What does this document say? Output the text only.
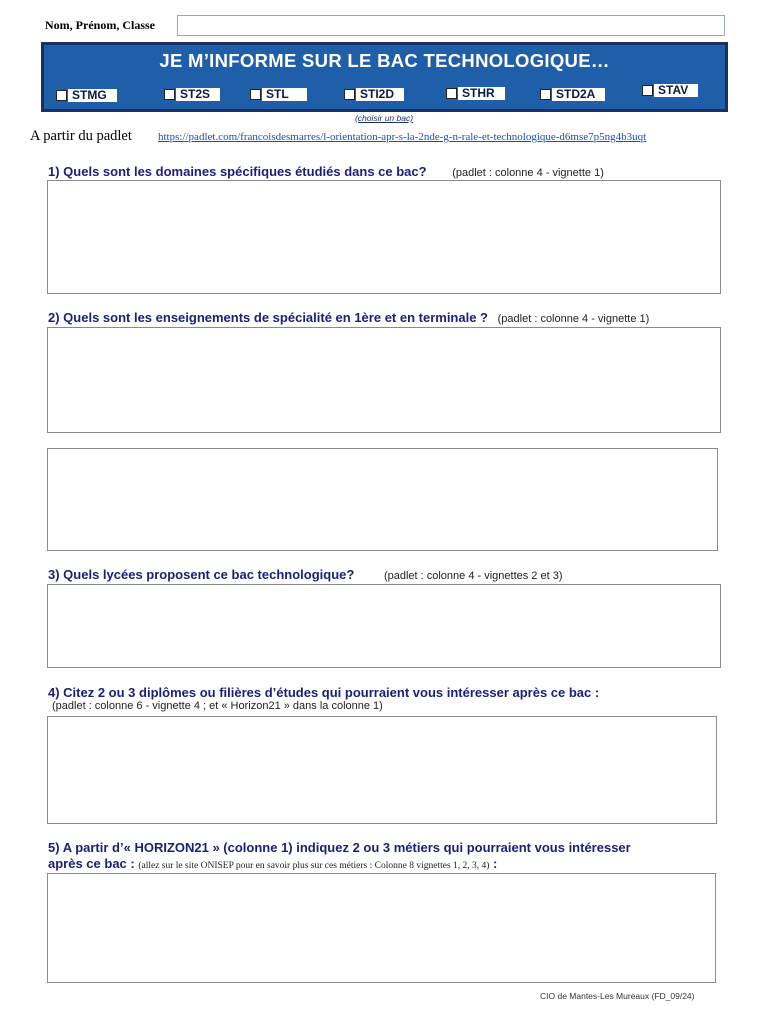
Nom, Prénom, Classe
JE M’INFORME SUR LE BAC TECHNOLOGIQUE…
STMG	ST2S	STL	STI2D	STHR	STD2A	STAV
(choisir un bac)
A partir du padlet https://padlet.com/francoisdesmarres/l-orientation-apr-s-la-2nde-g-n-rale-et-technologique-d6mse7p5ng4b3uqt
1) Quels sont les domaines spécifiques étudiés dans ce bac? (padlet : colonne 4 - vignette 1)
2) Quels sont les enseignements de spécialité en 1ère et en terminale ? (padlet : colonne 4 - vignette 1)
3) Quels lycées proposent ce bac technologique?	(padlet : colonne 4 - vignettes 2 et 3)
4) Citez 2 ou 3 diplômes ou filières d’études qui pourraient vous intéresser après ce bac :
(padlet : colonne 6 - vignette 4 ; et « Horizon21 » dans la colonne 1)
5) A partir d’« HORIZON21 » (colonne 1) indiquez 2 ou 3 métiers qui pourraient vous intéresser
après ce bac : (allez sur le site ONISEP pour en savoir plus sur ces métiers : Colonne 8 vignettes 1, 2, 3, 4) :
CIO de Mantes-Les Mureaux (FD_09/24)
